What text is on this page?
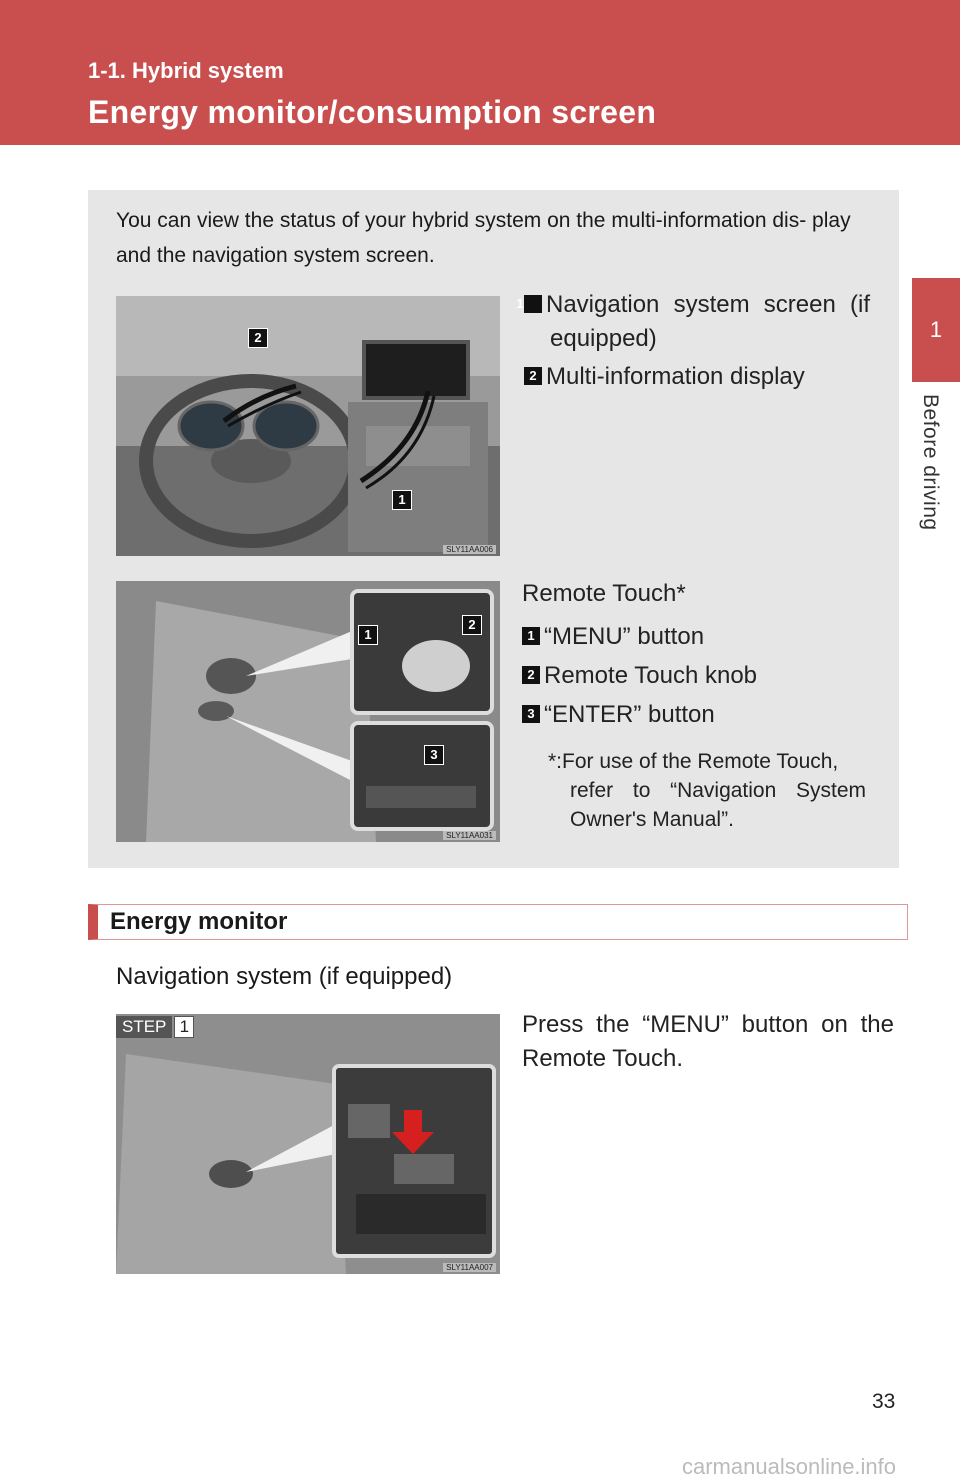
1-1. Hybrid system
Energy monitor/consumption screen
1
Before driving
You can view the status of your hybrid system on the multi-information dis- play and the navigation system screen.
2
1
SLY11AA006
1 Navigation system screen (if equipped)
2 Multi-information display
1
2
3
SLY11AA031
Remote Touch*
1 “MENU” button
2 Remote Touch knob
3 “ENTER” button
*:For use of the Remote Touch,
refer to “Navigation System Owner's Manual”.
Energy monitor
Navigation system (if equipped)
SLY11AA007
STEP 1	Press the “MENU” button on the Remote Touch.
33
carmanualsonline.info
